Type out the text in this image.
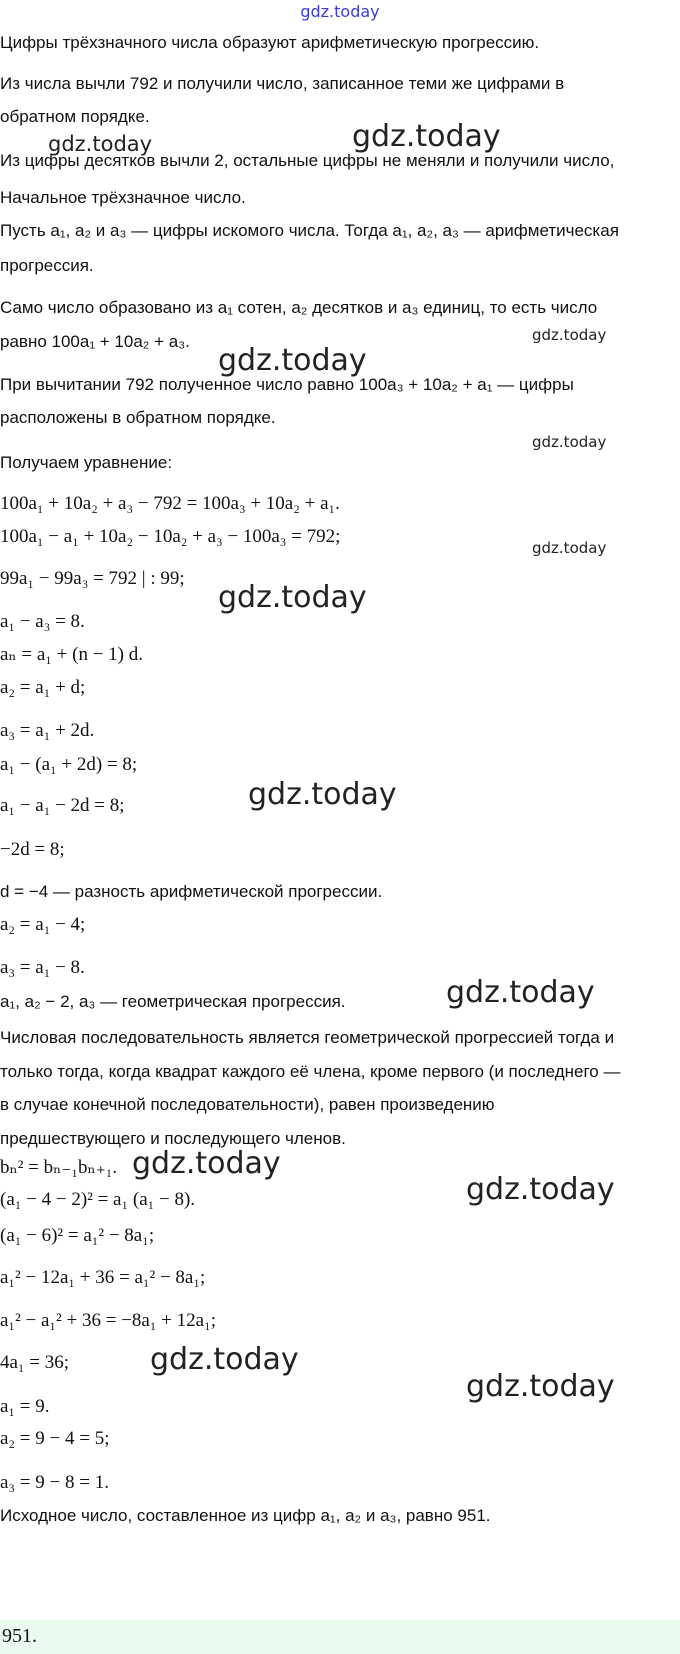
gdz.today
Цифры трёхзначного числа образуют арифметическую прогрессию.
Из числа вычли 792 и получили число, записанное теми же цифрами в
обратном порядке.
Из цифры десятков вычли 2, остальные цифры не меняли и получили число,
Начальное трёхзначное число.
Пусть a₁, a₂ и a₃ — цифры искомого числа. Тогда a₁, a₂, a₃ — арифметическая
прогрессия.
Само число образовано из a₁ сотен, a₂ десятков и a₃ единиц, то есть число
равно 100a₁ + 10a₂ + a₃.
При вычитании 792 полученное число равно 100a₃ + 10a₂ + a₁ — цифры
расположены в обратном порядке.
Получаем уравнение:
100a₁ + 10a₂ + a₃ − 792 = 100a₃ + 10a₂ + a₁.
100a₁ − a₁ + 10a₂ − 10a₂ + a₃ − 100a₃ = 792;
99a₁ − 99a₃ = 792 | : 99;
a₁ − a₃ = 8.
aₙ = a₁ + (n − 1) d.
a₂ = a₁ + d;
a₃ = a₁ + 2d.
a₁ − (a₁ + 2d) = 8;
a₁ − a₁ − 2d = 8;
−2d = 8;
d = −4 — разность арифметической прогрессии.
a₂ = a₁ − 4;
a₃ = a₁ − 8.
a₁, a₂ − 2, a₃ — геометрическая прогрессия.
Числовая последовательность является геометрической прогрессией тогда и
только тогда, когда квадрат каждого её члена, кроме первого (и последнего —
в случае конечной последовательности), равен произведению
предшествующего и последующего членов.
bₙ² = bₙ₋₁bₙ₊₁.
(a₁ − 4 − 2)² = a₁ (a₁ − 8).
(a₁ − 6)² = a₁² − 8a₁;
a₁² − 12a₁ + 36 = a₁² − 8a₁;
a₁² − a₁² + 36 = −8a₁ + 12a₁;
4a₁ = 36;
a₁ = 9.
a₂ = 9 − 4 = 5;
a₃ = 9 − 8 = 1.
Исходное число, составленное из цифр a₁, a₂ и a₃, равно 951.
951.
gdz.today	gdz.today
gdz.today
gdz.today
gdz.today
gdz.today
gdz.today
gdz.today
gdz.today
gdz.today
gdz.today
gdz.today
gdz.today
